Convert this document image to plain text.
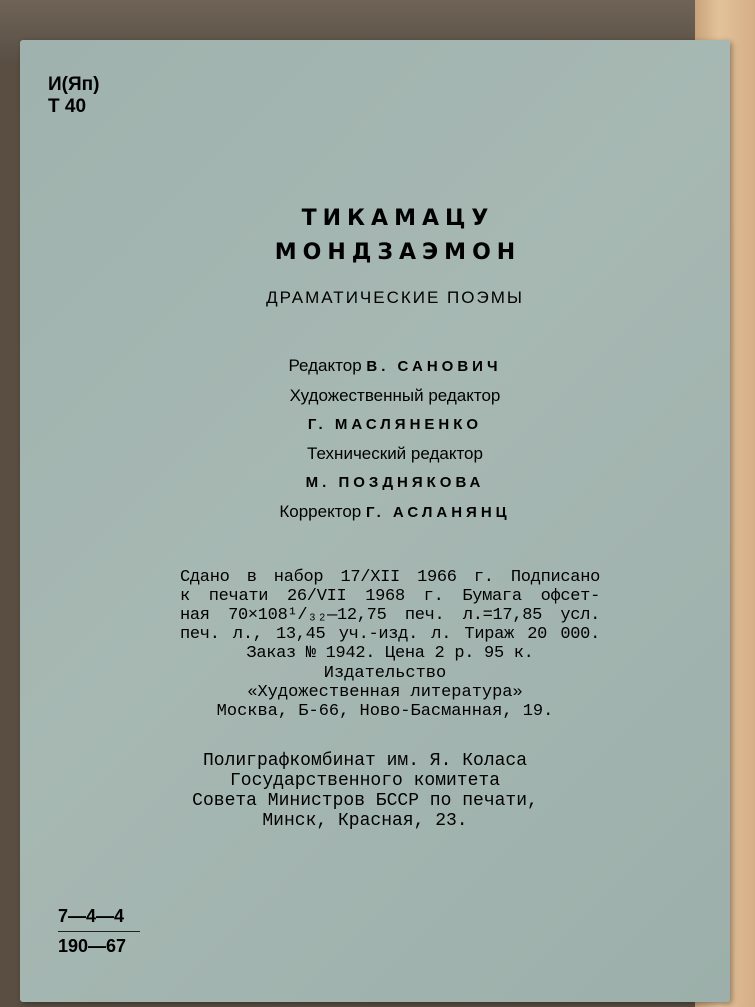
И(Яп)
Т 40
ТИКАМАЦУ
МОНДЗАЭМОН
ДРАМАТИЧЕСКИЕ ПОЭМЫ
Редактор В. САНОВИЧ
Художественный редактор
Г. МАСЛЯНЕНКО
Технический редактор
М. ПОЗДНЯКОВА
Корректор Г. АСЛАНЯНЦ
Сдано в набор 17/XII 1966 г. Подписано
к печати 26/VII 1968 г. Бумага офсет-
ная 70×108¹/₃₂—12,75 печ. л.=17,85 усл.
печ. л., 13,45 уч.-изд. л. Тираж 20 000.
Заказ № 1942. Цена 2 р. 95 к.
Издательство
«Художественная литература»
Москва, Б-66, Ново-Басманная, 19.
Полиграфкомбинат им. Я. Коласа
Государственного комитета
Совета Министров БССР по печати,
Минск, Красная, 23.
7—4—4
190—67
